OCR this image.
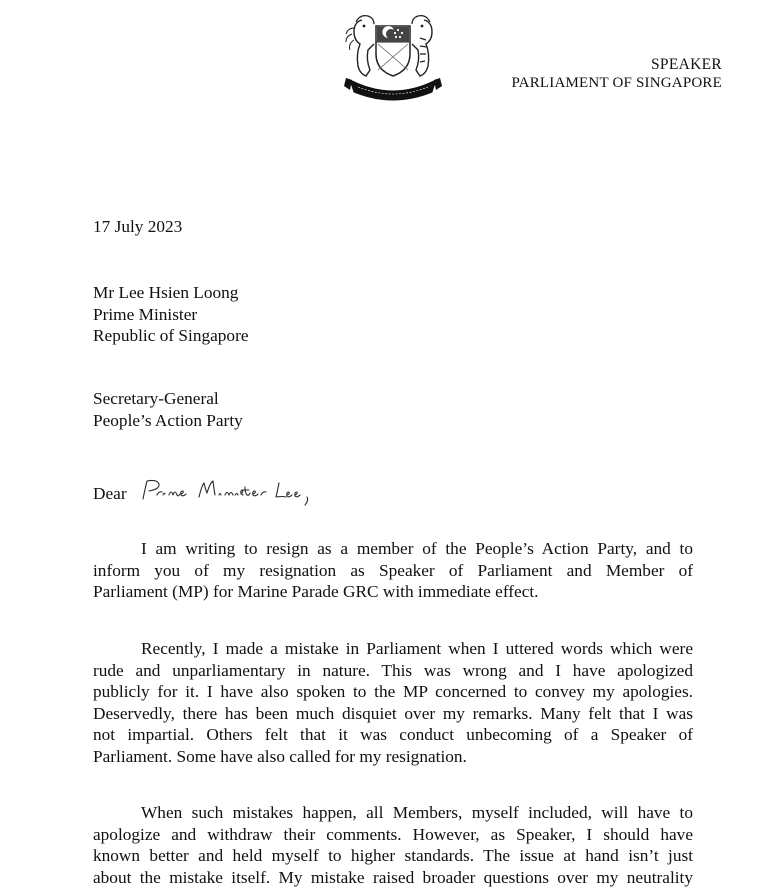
SPEAKER
PARLIAMENT OF SINGAPORE
17 July 2023
Mr Lee Hsien Loong
Prime Minister
Republic of Singapore
Secretary-General
People’s Action Party
Dear
I am writing to resign as a member of the People’s Action Party, and to
inform you of my resignation as Speaker of Parliament and Member of
Parliament (MP) for Marine Parade GRC with immediate effect.
Recently, I made a mistake in Parliament when I uttered words which were
rude and unparliamentary in nature. This was wrong and I have apologized
publicly for it. I have also spoken to the MP concerned to convey my apologies.
Deservedly, there has been much disquiet over my remarks. Many felt that I was
not impartial. Others felt that it was conduct unbecoming of a Speaker of
Parliament. Some have also called for my resignation.
When such mistakes happen, all Members, myself included, will have to
apologize and withdraw their comments. However, as Speaker, I should have
known better and held myself to higher standards. The issue at hand isn’t just
about the mistake itself. My mistake raised broader questions over my neutrality
